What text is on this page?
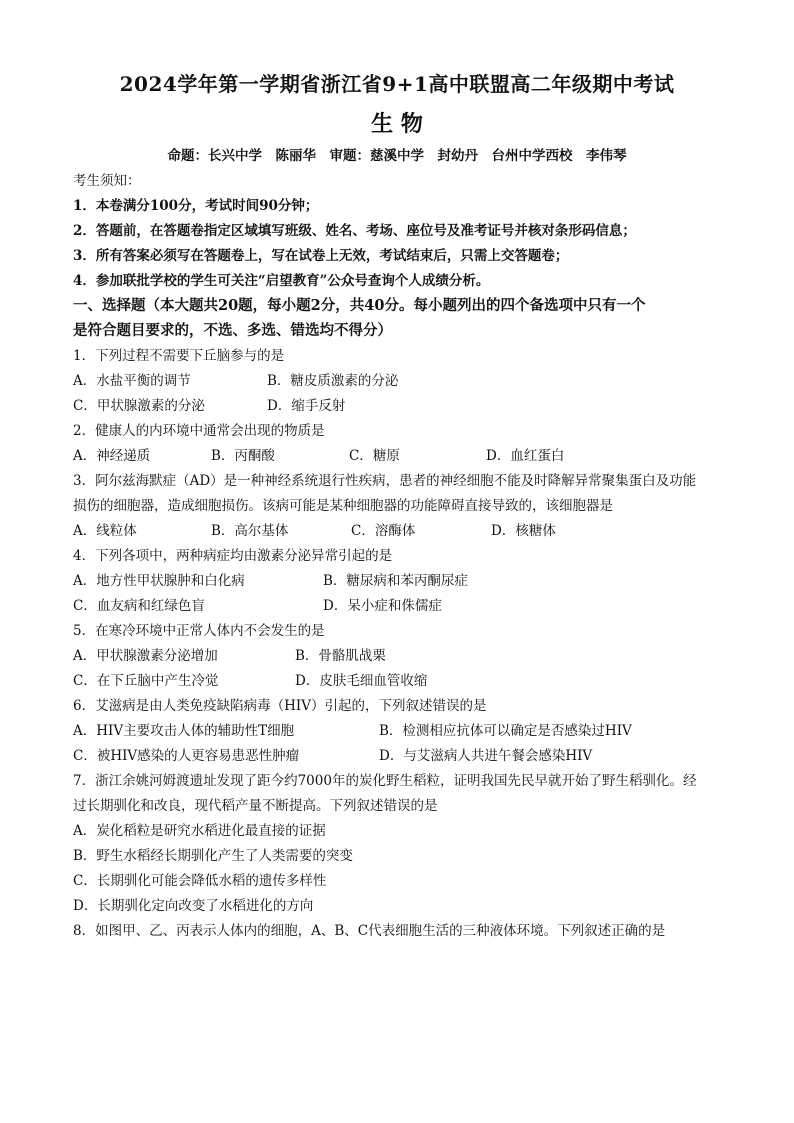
2024学年第一学期省浙江省9+1高中联盟高二年级期中考试
生 物
命题：长兴中学　陈丽华　审题：慈溪中学　封幼丹　台州中学西校　李伟琴
考生须知：
1．本卷满分100分，考试时间90分钟；
2．答题前，在答题卷指定区域填写班级、姓名、考场、座位号及准考证号并核对条形码信息；
3．所有答案必须写在答题卷上，写在试卷上无效，考试结束后，只需上交答题卷；
4．参加联批学校的学生可关注“启望教育”公众号查询个人成绩分析。
一、选择题（本大题共20题，每小题2分，共40分。每小题列出的四个备选项中只有一个
是符合题目要求的，不选、多选、错选均不得分）
1．下列过程不需要下丘脑参与的是
A．水盐平衡的调节	B．糖皮质激素的分泌
C．甲状腺激素的分泌	D．缩手反射
2．健康人的内环境中通常会出现的物质是
A．神经递质	B．丙酮酸	C．糖原	D．血红蛋白
3．阿尔兹海默症（AD）是一种神经系统退行性疾病，患者的神经细胞不能及时降解异常聚集蛋白及功能
损伤的细胞器，造成细胞损伤。该病可能是某种细胞器的功能障碍直接导致的，该细胞器是
A．线粒体	B．高尔基体	C．溶酶体	D．核糖体
4．下列各项中，两种病症均由激素分泌异常引起的是
A．地方性甲状腺肿和白化病	B．糖尿病和苯丙酮尿症
C．血友病和红绿色盲	D．呆小症和侏儒症
5．在寒冷环境中正常人体内不会发生的是
A．甲状腺激素分泌增加	B．骨骼肌战栗
C．在下丘脑中产生冷觉	D．皮肤毛细血管收缩
6．艾滋病是由人类免疫缺陷病毒（HIV）引起的，下列叙述错误的是
A．HIV主要攻击人体的辅助性T细胞	B．检测相应抗体可以确定是否感染过HIV
C．被HIV感染的人更容易患恶性肿瘤	D．与艾滋病人共进午餐会感染HIV
7．浙江余姚河姆渡遗址发现了距今约7000年的炭化野生稻粒，证明我国先民早就开始了野生稻驯化。经
过长期驯化和改良，现代稻产量不断提高。下列叙述错误的是
A．炭化稻粒是研究水稻进化最直接的证据
B．野生水稻经长期驯化产生了人类需要的突变
C．长期驯化可能会降低水稻的遗传多样性
D．长期驯化定向改变了水稻进化的方向
8．如图甲、乙、丙表示人体内的细胞，A、B、C代表细胞生活的三种液体环境。下列叙述正确的是
